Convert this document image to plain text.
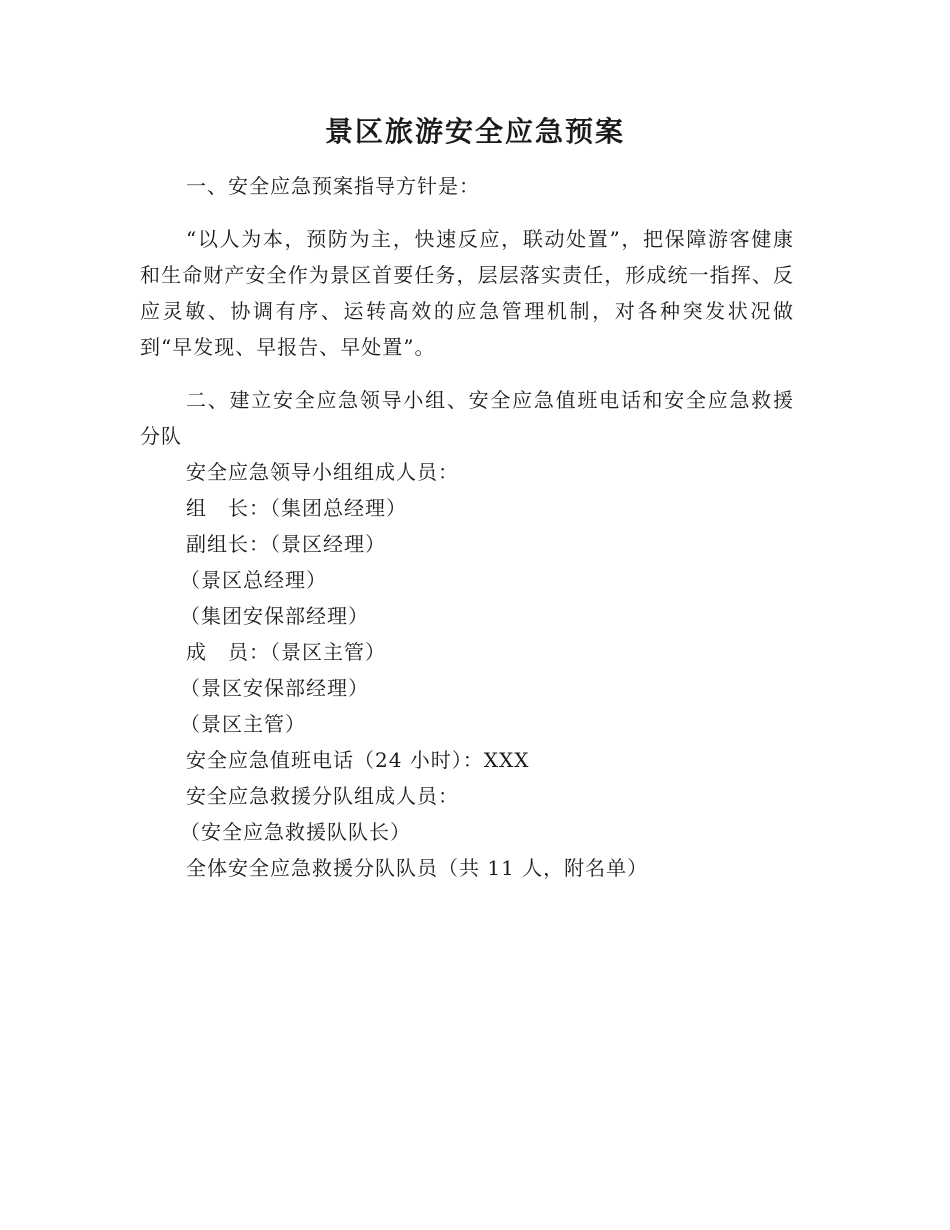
景区旅游安全应急预案

一、安全应急预案指导方针是：

“以人为本，预防为主，快速反应，联动处置”，把保障游客健康和生命财产安全作为景区首要任务，层层落实责任，形成统一指挥、反应灵敏、协调有序、运转高效的应急管理机制，对各种突发状况做到“早发现、早报告、早处置”。

二、建立安全应急领导小组、安全应急值班电话和安全应急救援分队

安全应急领导小组组成人员：

组　长：（集团总经理）

副组长：（景区经理）

（景区总经理）

（集团安保部经理）

成　员：（景区主管）

（景区安保部经理）

（景区主管）

安全应急值班电话（24 小时）：XXX

安全应急救援分队组成人员：

（安全应急救援队队长）

全体安全应急救援分队队员（共 11 人，附名单）
